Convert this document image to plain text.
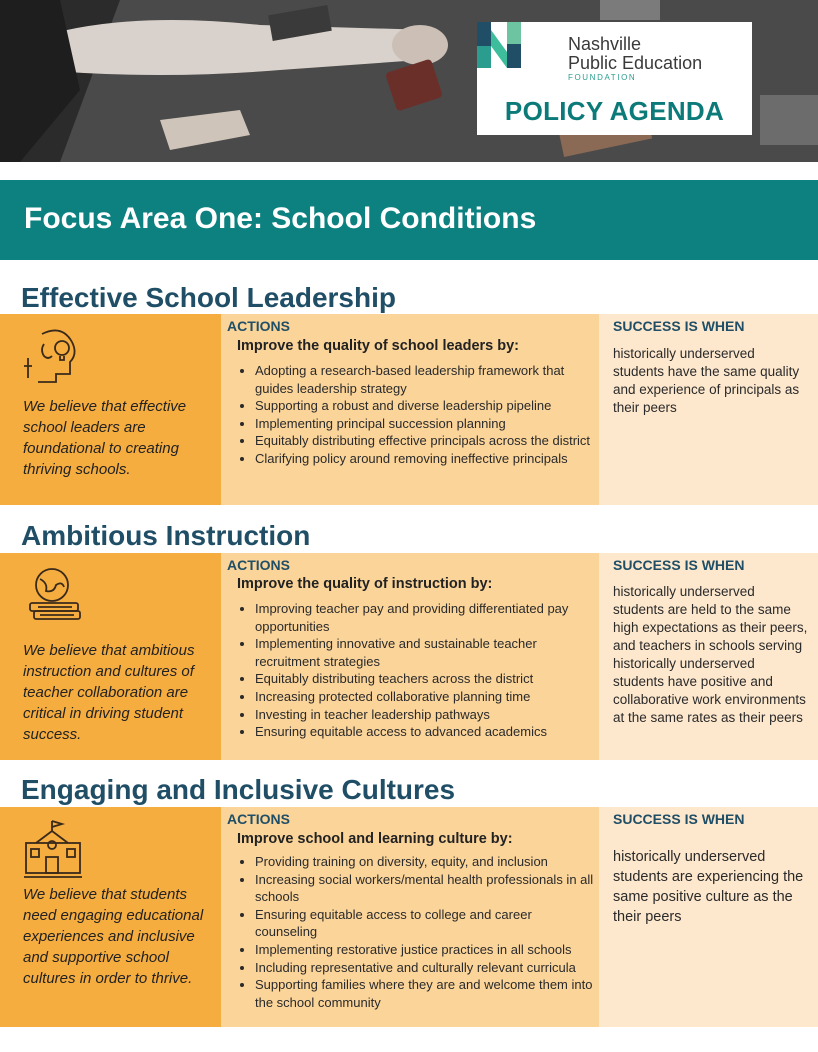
Nashville
Public Education
FOUNDATION
POLICY AGENDA
Focus Area One: School Conditions
Effective School Leadership
We believe that effective school leaders are foundational to creating thriving schools.
ACTIONS
Improve the quality of school leaders by:
• Adopting a research-based leadership framework that guides leadership strategy
• Supporting a robust and diverse leadership pipeline
• Implementing principal succession planning
• Equitably distributing effective principals across the district
• Clarifying policy around removing ineffective principals
SUCCESS IS WHEN
historically underserved students have the same quality and experience of principals as their peers
Ambitious Instruction
We believe that ambitious instruction and cultures of teacher collaboration are critical in driving student success.
ACTIONS
Improve the quality of instruction by:
• Improving teacher pay and providing differentiated pay opportunities
• Implementing innovative and sustainable teacher recruitment strategies
• Equitably distributing teachers across the district
• Increasing protected collaborative planning time
• Investing in teacher leadership pathways
• Ensuring equitable access to advanced academics
SUCCESS IS WHEN
historically underserved students are held to the same high expectations as their peers, and teachers in schools serving historically underserved students have positive and collaborative work environments at the same rates as their peers
Engaging and Inclusive Cultures
We believe that students need engaging educational experiences and inclusive and supportive school cultures in order to thrive.
ACTIONS
Improve school and learning culture by:
• Providing training on diversity, equity, and inclusion
• Increasing social workers/mental health professionals in all schools
• Ensuring equitable access to college and career counseling
• Implementing restorative justice practices in all schools
• Including representative and culturally relevant curricula
• Supporting families where they are and welcome them into the school community
SUCCESS IS WHEN
historically underserved students are experiencing the same positive culture as the their peers
